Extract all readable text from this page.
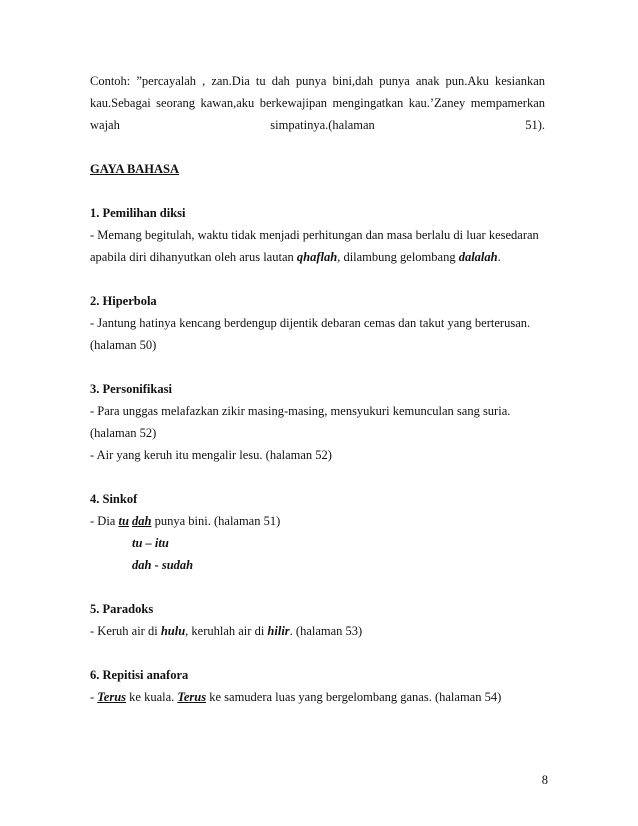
Contoh: ”percayalah , zan.Dia tu dah punya bini,dah punya anak pun.Aku kesiankan
kau.Sebagai seorang kawan,aku berkewajipan mengingatkan kau.’Zaney mempamerkan
wajah	simpatinya.(halaman	51).
GAYA BAHASA
1. Pemilihan diksi
- Memang begitulah, waktu tidak menjadi perhitungan dan masa berlalu di luar kesedaran
apabila diri dihanyutkan oleh arus lautan qhaflah, dilambung gelombang dalalah.
2. Hiperbola
- Jantung hatinya kencang berdengup dijentik debaran cemas dan takut yang berterusan.
(halaman 50)
3. Personifikasi
- Para unggas melafazkan zikir masing-masing, mensyukuri kemunculan sang suria.
(halaman 52)
- Air yang keruh itu mengalir lesu. (halaman 52)
4. Sinkof
- Dia tu dah punya bini. (halaman 51)
tu – itu
dah - sudah
5. Paradoks
- Keruh air di hulu, keruhlah air di hilir. (halaman 53)
6. Repitisi anafora
- Terus ke kuala. Terus ke samudera luas yang bergelombang ganas. (halaman 54)
8
